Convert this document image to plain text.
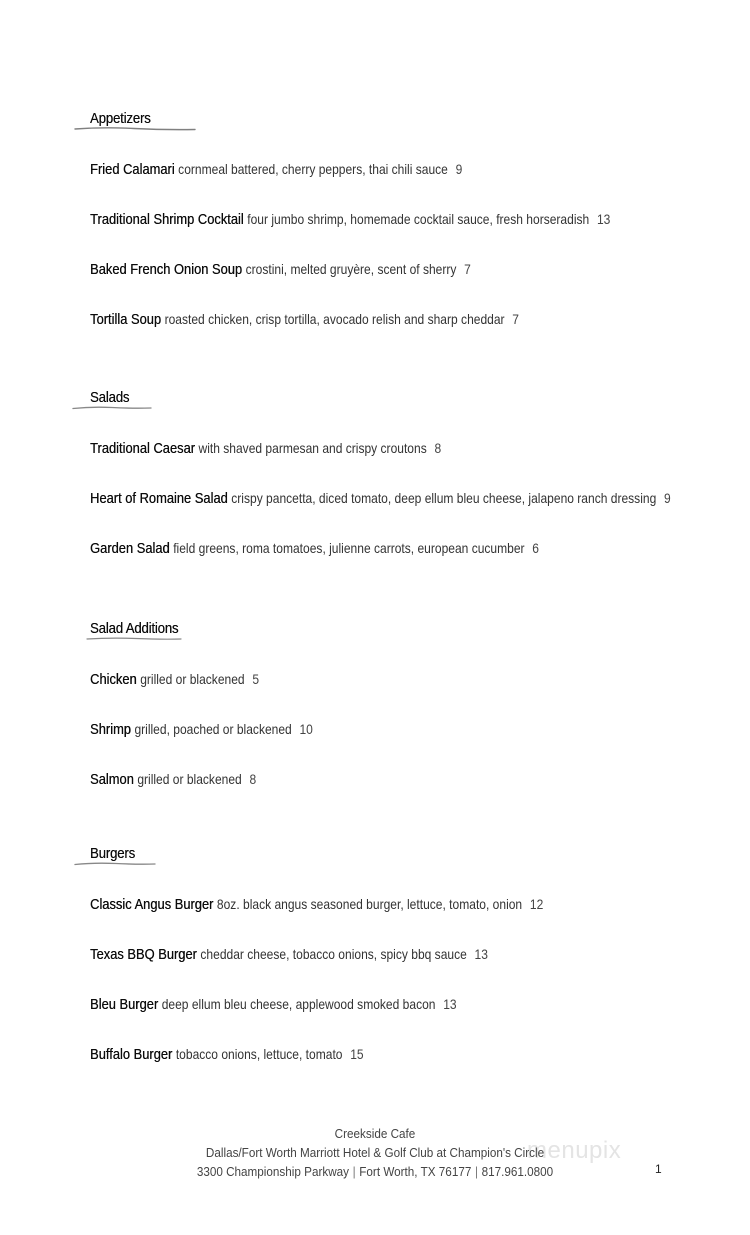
Appetizers
Fried Calamari cornmeal battered, cherry peppers, thai chili sauce 9
Traditional Shrimp Cocktail four jumbo shrimp, homemade cocktail sauce, fresh horseradish 13
Baked French Onion Soup crostini, melted gruyère, scent of sherry 7
Tortilla Soup roasted chicken, crisp tortilla, avocado relish and sharp cheddar 7
Salads
Traditional Caesar with shaved parmesan and crispy croutons 8
Heart of Romaine Salad crispy pancetta, diced tomato, deep ellum bleu cheese, jalapeno ranch dressing 9
Garden Salad field greens, roma tomatoes, julienne carrots, european cucumber 6
Salad Additions
Chicken grilled or blackened 5
Shrimp grilled, poached or blackened 10
Salmon grilled or blackened 8
Burgers
Classic Angus Burger 8oz. black angus seasoned burger, lettuce, tomato, onion 12
Texas BBQ Burger cheddar cheese, tobacco onions, spicy bbq sauce 13
Bleu Burger deep ellum bleu cheese, applewood smoked bacon 13
Buffalo Burger tobacco onions, lettuce, tomato 15
menupix
Creekside Cafe
Dallas/Fort Worth Marriott Hotel & Golf Club at Champion's Circle
3300 Championship Parkway | Fort Worth, TX 76177 | 817.961.0800	1
